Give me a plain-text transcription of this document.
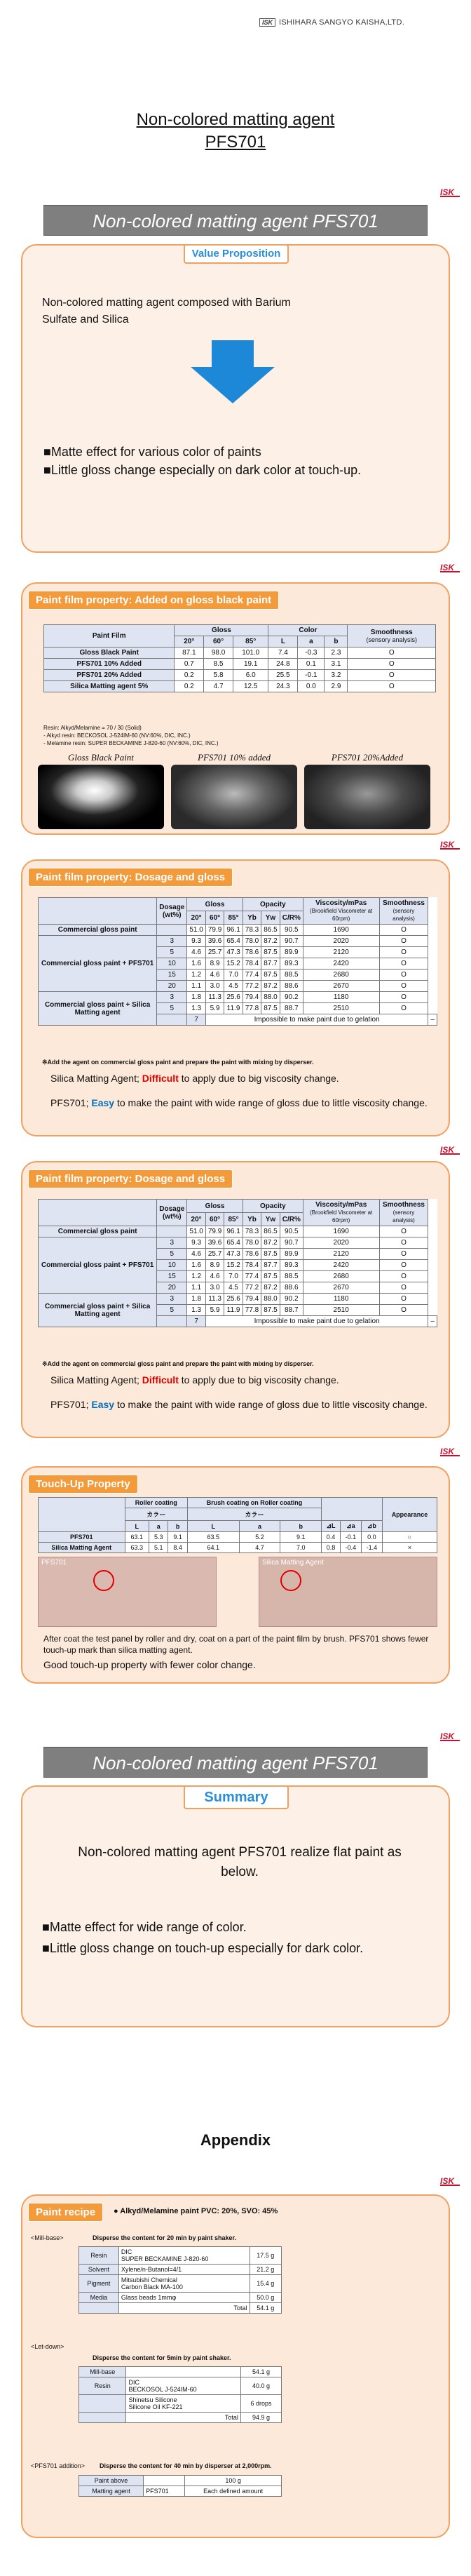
ISK ISHIHARA SANGYO KAISHA,LTD.
Non-colored matting agent
PFS701
ISK
Non-colored matting agent PFS701
Value Proposition
Non-colored matting agent composed with Barium Sulfate and Silica
■Matte effect for various color of paints
■Little gloss change especially on dark color at touch-up.
ISK
Paint film property: Added on gloss black paint
Paint Film	Gloss			Color			Smoothness
(sensory analysis)
	20°	60°	85°	L	a	b	
Gloss Black Paint	87.1	98.0	101.0	7.4	-0.3	2.3	O
PFS701 10% Added	0.7	8.5	19.1	24.8	0.1	3.1	O
PFS701 20% Added	0.2	5.8	6.0	25.5	-0.1	3.2	O
Silica Matting agent 5%	0.2	4.7	12.5	24.3	0.0	2.9	O
Resin: Alkyd/Melamine = 70 / 30 (Solid)
- Alkyd resin: BECKOSOL J-524IM-60 (NV:60%, DIC, INC.)
- Melamine resin: SUPER BECKAMINE J-820-60 (NV:60%, DIC, INC.)
Gloss Black Paint	PFS701 10% added	PFS701 20%Added
ISK
Paint film property: Dosage and gloss
	Dosage
(wt%)	Gloss			Opacity			Viscosity/mPas
(Brookfield Viscometer at 60rpm)	Smoothness
(sensory analysis)	
		20°	60°	85°	Yb	Yw	C/R%			
Commercial gloss paint		51.0	79.9	96.1	78.3	86.5	90.5	1690	O	
Commercial gloss paint + PFS701	3	9.3	39.6	65.4	78.0	87.2	90.7	2020	O	
	5	4.6	25.7	47.3	78.6	87.5	89.9	2120	O	
	10	1.6	8.9	15.2	78.4	87.7	89.3	2420	O	
	15	1.2	4.6	7.0	77.4	87.5	88.5	2680	O	
	20	1.1	3.0	4.5	77.2	87.2	88.6	2670	O	
Commercial gloss paint + Silica Matting agent	3	1.8	11.3	25.6	79.4	88.0	90.2	1180	O	
	5	1.3	5.9	11.9	77.8	87.5	88.7	2510	O	
		7	Impossible to make paint due to gelation							–
※Add the agent on commercial gloss paint and prepare the paint with mixing by disperser.
Silica Matting Agent; Difficult to apply due to big viscosity change.
PFS701; Easy to make the paint with wide range of gloss due to little viscosity change.
ISK
Paint film property: Dosage and gloss
	Dosage
(wt%)	Gloss			Opacity			Viscosity/mPas
(Brookfield Viscometer at 60rpm)	Smoothness
(sensory analysis)	
		20°	60°	85°	Yb	Yw	C/R%			
Commercial gloss paint		51.0	79.9	96.1	78.3	86.5	90.5	1690	O	
Commercial gloss paint + PFS701	3	9.3	39.6	65.4	78.0	87.2	90.7	2020	O	
	5	4.6	25.7	47.3	78.6	87.5	89.9	2120	O	
	10	1.6	8.9	15.2	78.4	87.7	89.3	2420	O	
	15	1.2	4.6	7.0	77.4	87.5	88.5	2680	O	
	20	1.1	3.0	4.5	77.2	87.2	88.6	2670	O	
Commercial gloss paint + Silica Matting agent	3	1.8	11.3	25.6	79.4	88.0	90.2	1180	O	
	5	1.3	5.9	11.9	77.8	87.5	88.7	2510	O	
		7	Impossible to make paint due to gelation							–
※Add the agent on commercial gloss paint and prepare the paint with mixing by disperser.
Silica Matting Agent; Difficult to apply due to big viscosity change.
PFS701; Easy to make the paint with wide range of gloss due to little viscosity change.
ISK
Touch-Up Property
	Roller coating			Brush coating on Roller coating						Appearance
	カラー			カラー						
	L	a	b	L	a	b	⊿L	⊿a	⊿b	
PFS701	63.1	5.3	9.1	63.5	5.2	9.1	0.4	-0.1	0.0	○
Silica Matting Agent	63.3	5.1	8.4	64.1	4.7	7.0	0.8	-0.4	-1.4	×
PFS701	Silica Matting Agent
After coat the test panel by roller and dry, coat on a part of the paint film by brush. PFS701 shows fewer touch-up mark than silica matting agent.
Good touch-up property with fewer color change.
ISK
Non-colored matting agent PFS701
Summary
Non-colored matting agent PFS701 realize flat paint as below.
■Matte effect for wide range of color.
■Little gloss change on touch-up especially for dark color.
Appendix
ISK
Paint recipe	● Alkyd/Melamine paint PVC: 20%, SVO: 45%
<Mill-base>	Disperse the content for 20 min by paint shaker.
Resin	DIC
SUPER BECKAMINE J-820-60	17.5 g
Solvent	Xylene/n-Butanol=4/1	21.2 g
Pigment	Mitsubishi Chemical
Carbon Black MA-100	15.4 g
Media	Glass beads 1mmφ	50.0 g
	Total	54.1 g
<Let-down>
Disperse the content for 5min by paint shaker.
Mill-base		54.1 g
Resin	DIC
BECKOSOL J-524IM-60	40.0 g
	Shinetsu Silicone
Silicone Oil KF-221	6 drops
	Total	94.9 g
<PFS701 addition> Disperse the content for 40 min by disperser at 2,000rpm.
Paint above		100 g
Matting agent	PFS701	Each defined amount
